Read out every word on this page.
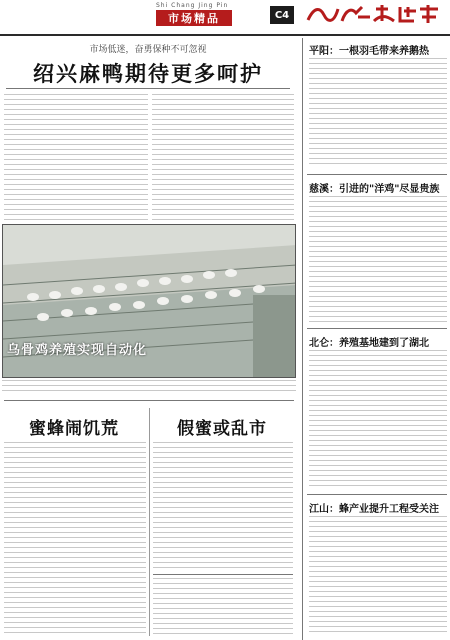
Shi Chang Jing Pin
市场精品	C4
市场低迷，奋勇保种不可忽视
绍兴麻鸭期待更多呵护
乌骨鸡养殖实现自动化
蜜蜂闹饥荒	假蜜或乱市
平阳：一根羽毛带来养鹅热
慈溪：引进的"洋鸡"尽显贵族
北仑：养殖基地建到了湖北
江山：蜂产业提升工程受关注
